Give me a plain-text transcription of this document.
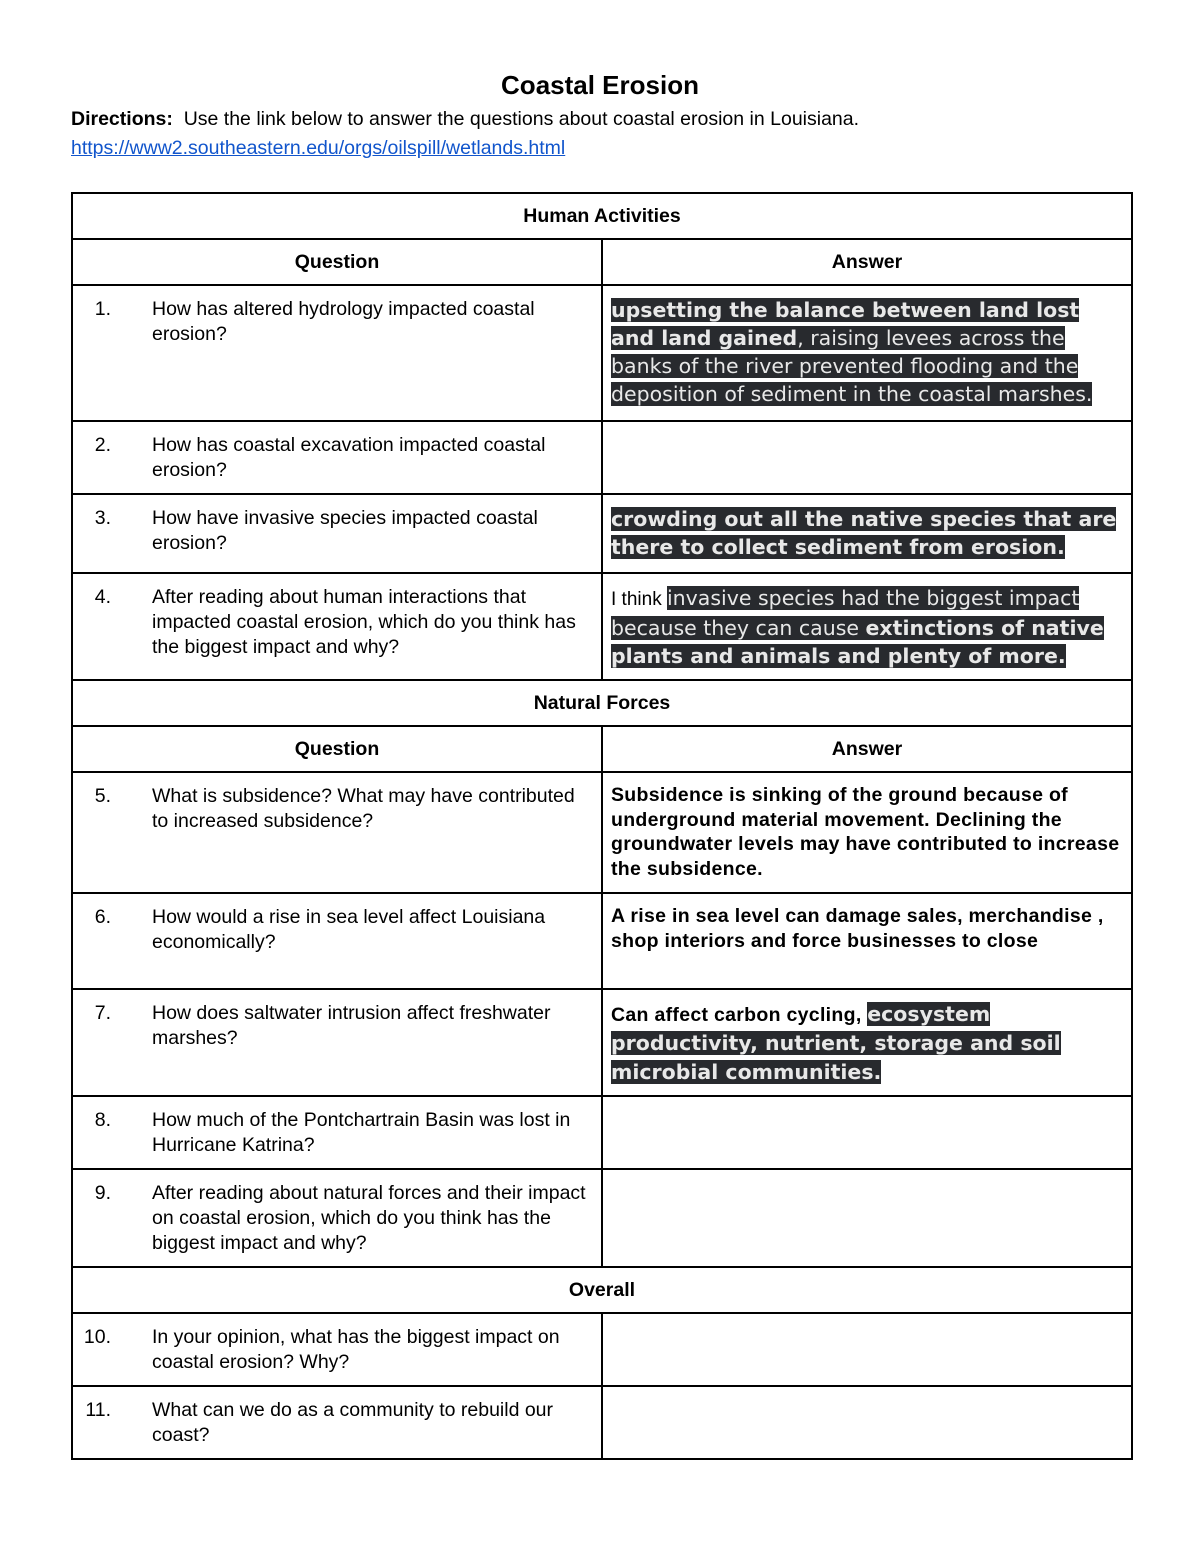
Coastal Erosion
Directions: Use the link below to answer the questions about coastal erosion in Louisiana.
https://www2.southeastern.edu/orgs/oilspill/wetlands.html
Human Activities	
Question	Answer

1. How has altered hydrology impacted coastal erosion?	upsetting the balance between land lost and land gained, raising levees across the banks of the river prevented flooding and the deposition of sediment in the coastal marshes.

2. How has coastal excavation impacted coastal erosion?	

3. How have invasive species impacted coastal erosion?	crowding out all the native species that are there to collect sediment from erosion.

4. After reading about human interactions that impacted coastal erosion, which do you think has the biggest impact and why?	I think invasive species had the biggest impact because they can cause extinctions of native plants and animals and plenty of more.
Natural Forces	
Question	Answer

5. What is subsidence? What may have contributed to increased subsidence?	Subsidence is sinking of the ground because of underground material movement. Declining the groundwater levels may have contributed to increase the subsidence.

6. How would a rise in sea level affect Louisiana economically?	A rise in sea level can damage sales, merchandise , shop interiors and force businesses to close

7. How does saltwater intrusion affect freshwater marshes?	Can affect carbon cycling, ecosystem productivity, nutrient, storage and soil microbial communities.

8. How much of the Pontchartrain Basin was lost in Hurricane Katrina?	

9. After reading about natural forces and their impact on coastal erosion, which do you think has the biggest impact and why?	

Overall	

10. In your opinion, what has the biggest impact on coastal erosion? Why?	

11. What can we do as a community to rebuild our coast?	
